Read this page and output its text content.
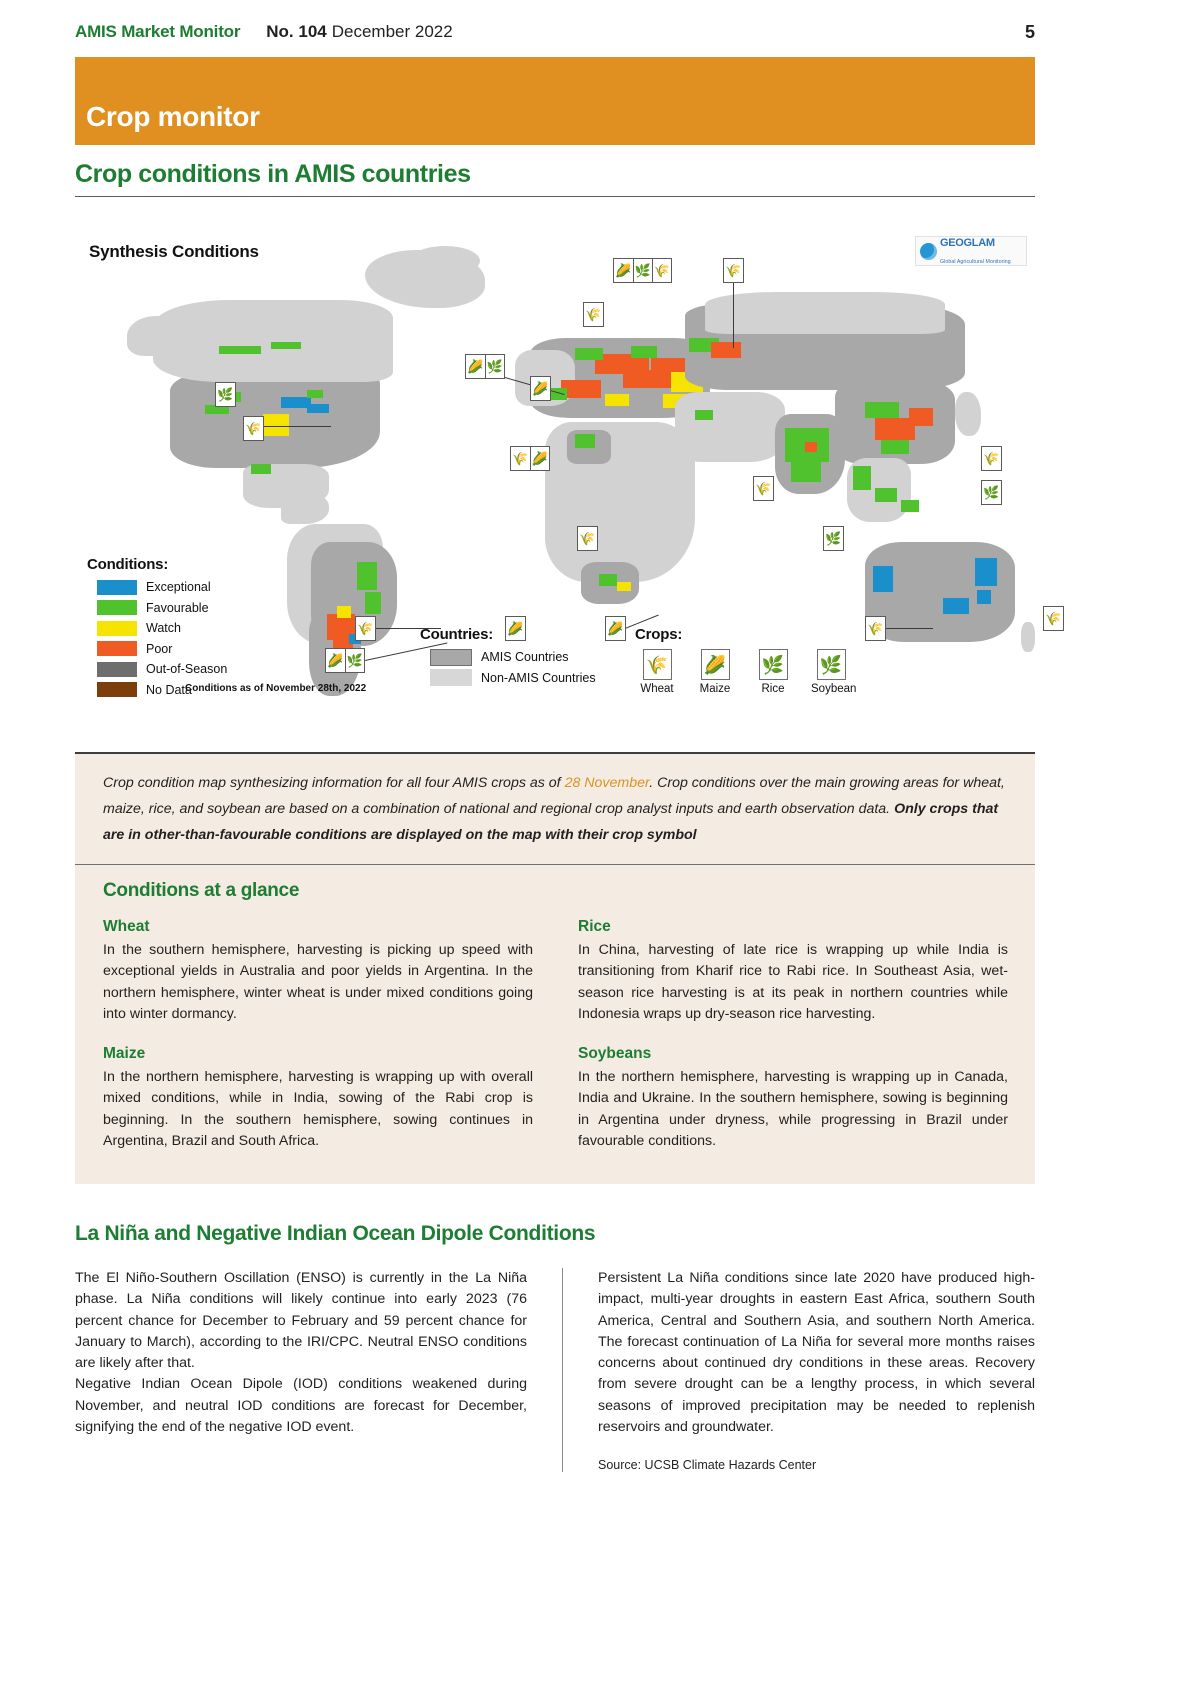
AMIS Market Monitor No. 104 December 2022	5
Crop monitor
Crop conditions in AMIS countries
Synthesis Conditions	GEOGLAM
Global Agricultural Monitoring
🌿
🌾
🌽 🌿
🌽 🌿 🌾	🌾
🌾
🌽
🌾 🌽
🌾
🌾	🌿
🌾
🌿
🌾
🌾
🌽 🌿
🌽	🌽	🌾
Conditions:
Exceptional
Favourable
Watch
Poor
Out-of-Season
No Data
Conditions as of November 28th, 2022
Countries:
AMIS Countries
Non-AMIS Countries
Crops:
🌾
Wheat
🌽
Maize
🌿
Rice
🌿
Soybean
Crop condition map synthesizing information for all four AMIS crops as of 28 November. Crop conditions over the main growing areas for wheat, maize, rice, and soybean are based on a combination of national and regional crop analyst inputs and earth observation data. Only crops that are in other-than-favourable conditions are displayed on the map with their crop symbol
Conditions at a glance
Wheat

In the southern hemisphere, harvesting is picking up speed with exceptional yields in Australia and poor yields in Argentina. In the northern hemisphere, winter wheat is under mixed conditions going into winter dormancy.

Rice

In China, harvesting of late rice is wrapping up while India is transitioning from Kharif rice to Rabi rice. In Southeast Asia, wet-season rice harvesting is at its peak in northern countries while Indonesia wraps up dry-season rice harvesting.

Maize

In the northern hemisphere, harvesting is wrapping up with overall mixed conditions, while in India, sowing of the Rabi crop is beginning. In the southern hemisphere, sowing continues in Argentina, Brazil and South Africa.

Soybeans

In the northern hemisphere, harvesting is wrapping up in Canada, India and Ukraine. In the southern hemisphere, sowing is beginning in Argentina under dryness, while progressing in Brazil under favourable conditions.

La Niña and Negative Indian Ocean Dipole Conditions

The El Niño-Southern Oscillation (ENSO) is currently in the La Niña phase. La Niña conditions will likely continue into early 2023 (76 percent chance for December to February and 59 percent chance for January to March), according to the IRI/CPC. Neutral ENSO conditions are likely after that.

Negative Indian Ocean Dipole (IOD) conditions weakened during November, and neutral IOD conditions are forecast for December, signifying the end of the negative IOD event.

Persistent La Niña conditions since late 2020 have produced high-impact, multi-year droughts in eastern East Africa, southern South America, Central and Southern Asia, and southern North America. The forecast continuation of La Niña for several more months raises concerns about continued dry conditions in these areas. Recovery from severe drought can be a lengthy process, in which several seasons of improved precipitation may be needed to replenish reservoirs and groundwater.

Source: UCSB Climate Hazards Center
